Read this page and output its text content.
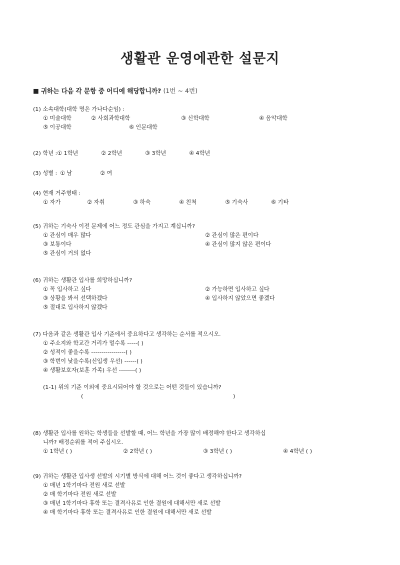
생활관 운영에관한 설문지
■ 귀하는 다음 각 문항 중 어디에 해당합니까? (1번 ~ 4번)
(1) 소속대학(대학 명은 가나다순임) :
① 미술대학	② 사회과학대학	③ 신학대학	④ 음악대학
⑤ 이공대학	⑥ 인문대학
(2) 학년 : ① 1학년	② 2학년	③ 3학년	④ 4학년
(3) 성별 : ① 남	② 여
(4) 현재 거주형태 :
① 자가	② 자취	③ 하숙	④ 친척	⑤ 기숙사	⑥ 기타
(5) 귀하는 기숙사 이전 문제에 어느 정도 관심을 가지고 계십니까?
① 관심이 매우 많다	② 관심이 많은 편이다
③ 보통이다	④ 관심이 많지 않은 편이다
⑤ 관심이 거의 없다
(6) 귀하는 생활관 입사를 희망하십니까?
① 꼭 입사하고 싶다	② 가능하면 입사하고 싶다
③ 상황을 봐서 선택하겠다	④ 입사하지 않았으면 좋겠다
⑤ 절대로 입사하지 않겠다
(7) 다음과 같은 생활관 입사 기준에서 중요하다고 생각하는 순서를 적으시오.
① 주소지와 학교간 거리가 멀수록 -----( )
② 성적이 좋을수록 -----------------( )
③ 학번이 낮을수록(신입생 우선) ------( )
④ 생활보호자(보훈 가족) 우선 --------( )
(1-1) 위의 기준 이외에 중요시되어야 할 것으로는 어떤 것들이 있습니까?
(	)
(8) 생활관 입사를 원하는 학생들을 선발할 때, 어느 학년을 가장 많이 배정해야 한다고 생각하십
니까? 배정순위를 적어 주십시오.
① 1학년 ( )	② 2학년 ( )	③ 3학년 ( )	④ 4학년 ( )
(9) 귀하는 생활관 입사생 선발의 시기별 방식에 대해 어느 것이 좋다고 생각하십니까?
① 매년 1학기마다 전원 새로 선발
② 매 학기마다 전원 새로 선발
③ 매년 1학기마다 휴학 또는 결격사유로 인한 결원에 대해서만 새로 선발
④ 매 학기마다 휴학 또는 결격사유로 인한 결원에 대해서만 새로 선발
